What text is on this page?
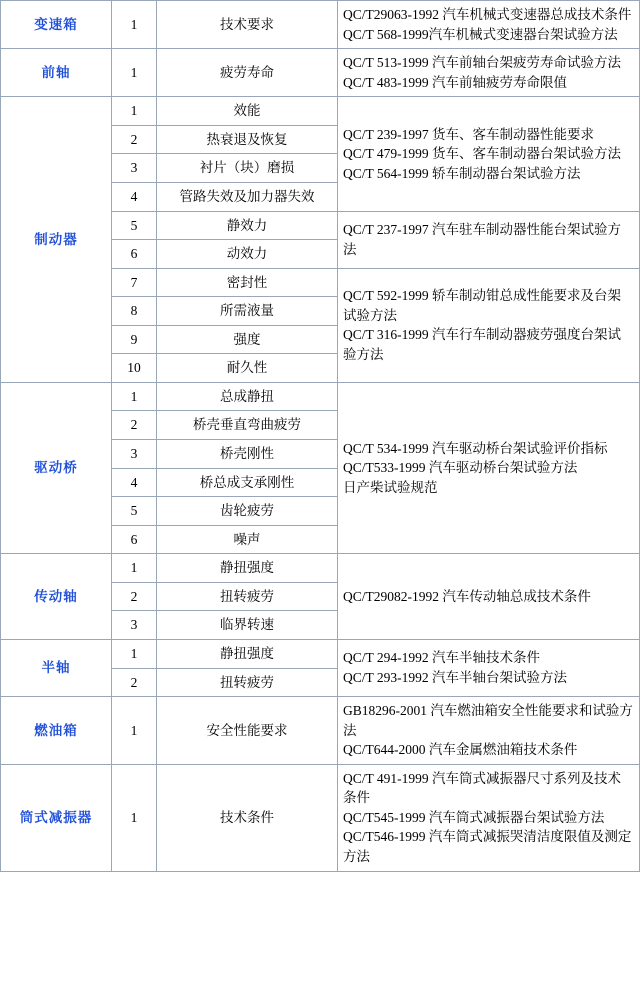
变速箱	1	技术要求	QC/T29063-1992 汽车机械式变速器总成技术条件
QC/T 568-1999汽车机械式变速器台架试验方法

前轴	1	疲劳寿命	QC/T 513-1999 汽车前轴台架疲劳寿命试验方法
QC/T 483-1999 汽车前轴疲劳寿命限值

制动器	1	效能	QC/T 239-1997 货车、客车制动器性能要求
QC/T 479-1999 货车、客车制动器台架试验方法
QC/T 564-1999 轿车制动器台架试验方法

	2	热衰退及恢复	
	3	衬片（块）磨损	
	4	管路失效及加力器失效	
	5	静效力	QC/T 237-1997 汽车驻车制动器性能台架试验方法

	6	动效力	
	7	密封性	QC/T 592-1999 轿车制动钳总成性能要求及台架试验方法
QC/T 316-1999 汽车行车制动器疲劳强度台架试验方法

	8	所需液量	
	9	强度	
	10	耐久性	
驱动桥	1	总成静扭	QC/T 534-1999 汽车驱动桥台架试验评价指标
QC/T533-1999 汽车驱动桥台架试验方法
日产柴试验规范

	2	桥壳垂直弯曲疲劳	
	3	桥壳刚性	
	4	桥总成支承刚性	
	5	齿轮疲劳	
	6	噪声	
传动轴	1	静扭强度	QC/T29082-1992 汽车传动轴总成技术条件

	2	扭转疲劳	
	3	临界转速	
半轴	1	静扭强度	QC/T 294-1992 汽车半轴技术条件
QC/T 293-1992 汽车半轴台架试验方法

	2	扭转疲劳	
燃油箱	1	安全性能要求	GB18296-2001 汽车燃油箱安全性能要求和试验方法
QC/T644-2000 汽车金属燃油箱技术条件

筒式减振器	1	技术条件	QC/T 491-1999 汽车筒式减振器尺寸系列及技术条件
QC/T545-1999 汽车筒式减振器台架试验方法
QC/T546-1999 汽车筒式减振哭清洁度限值及测定方法
